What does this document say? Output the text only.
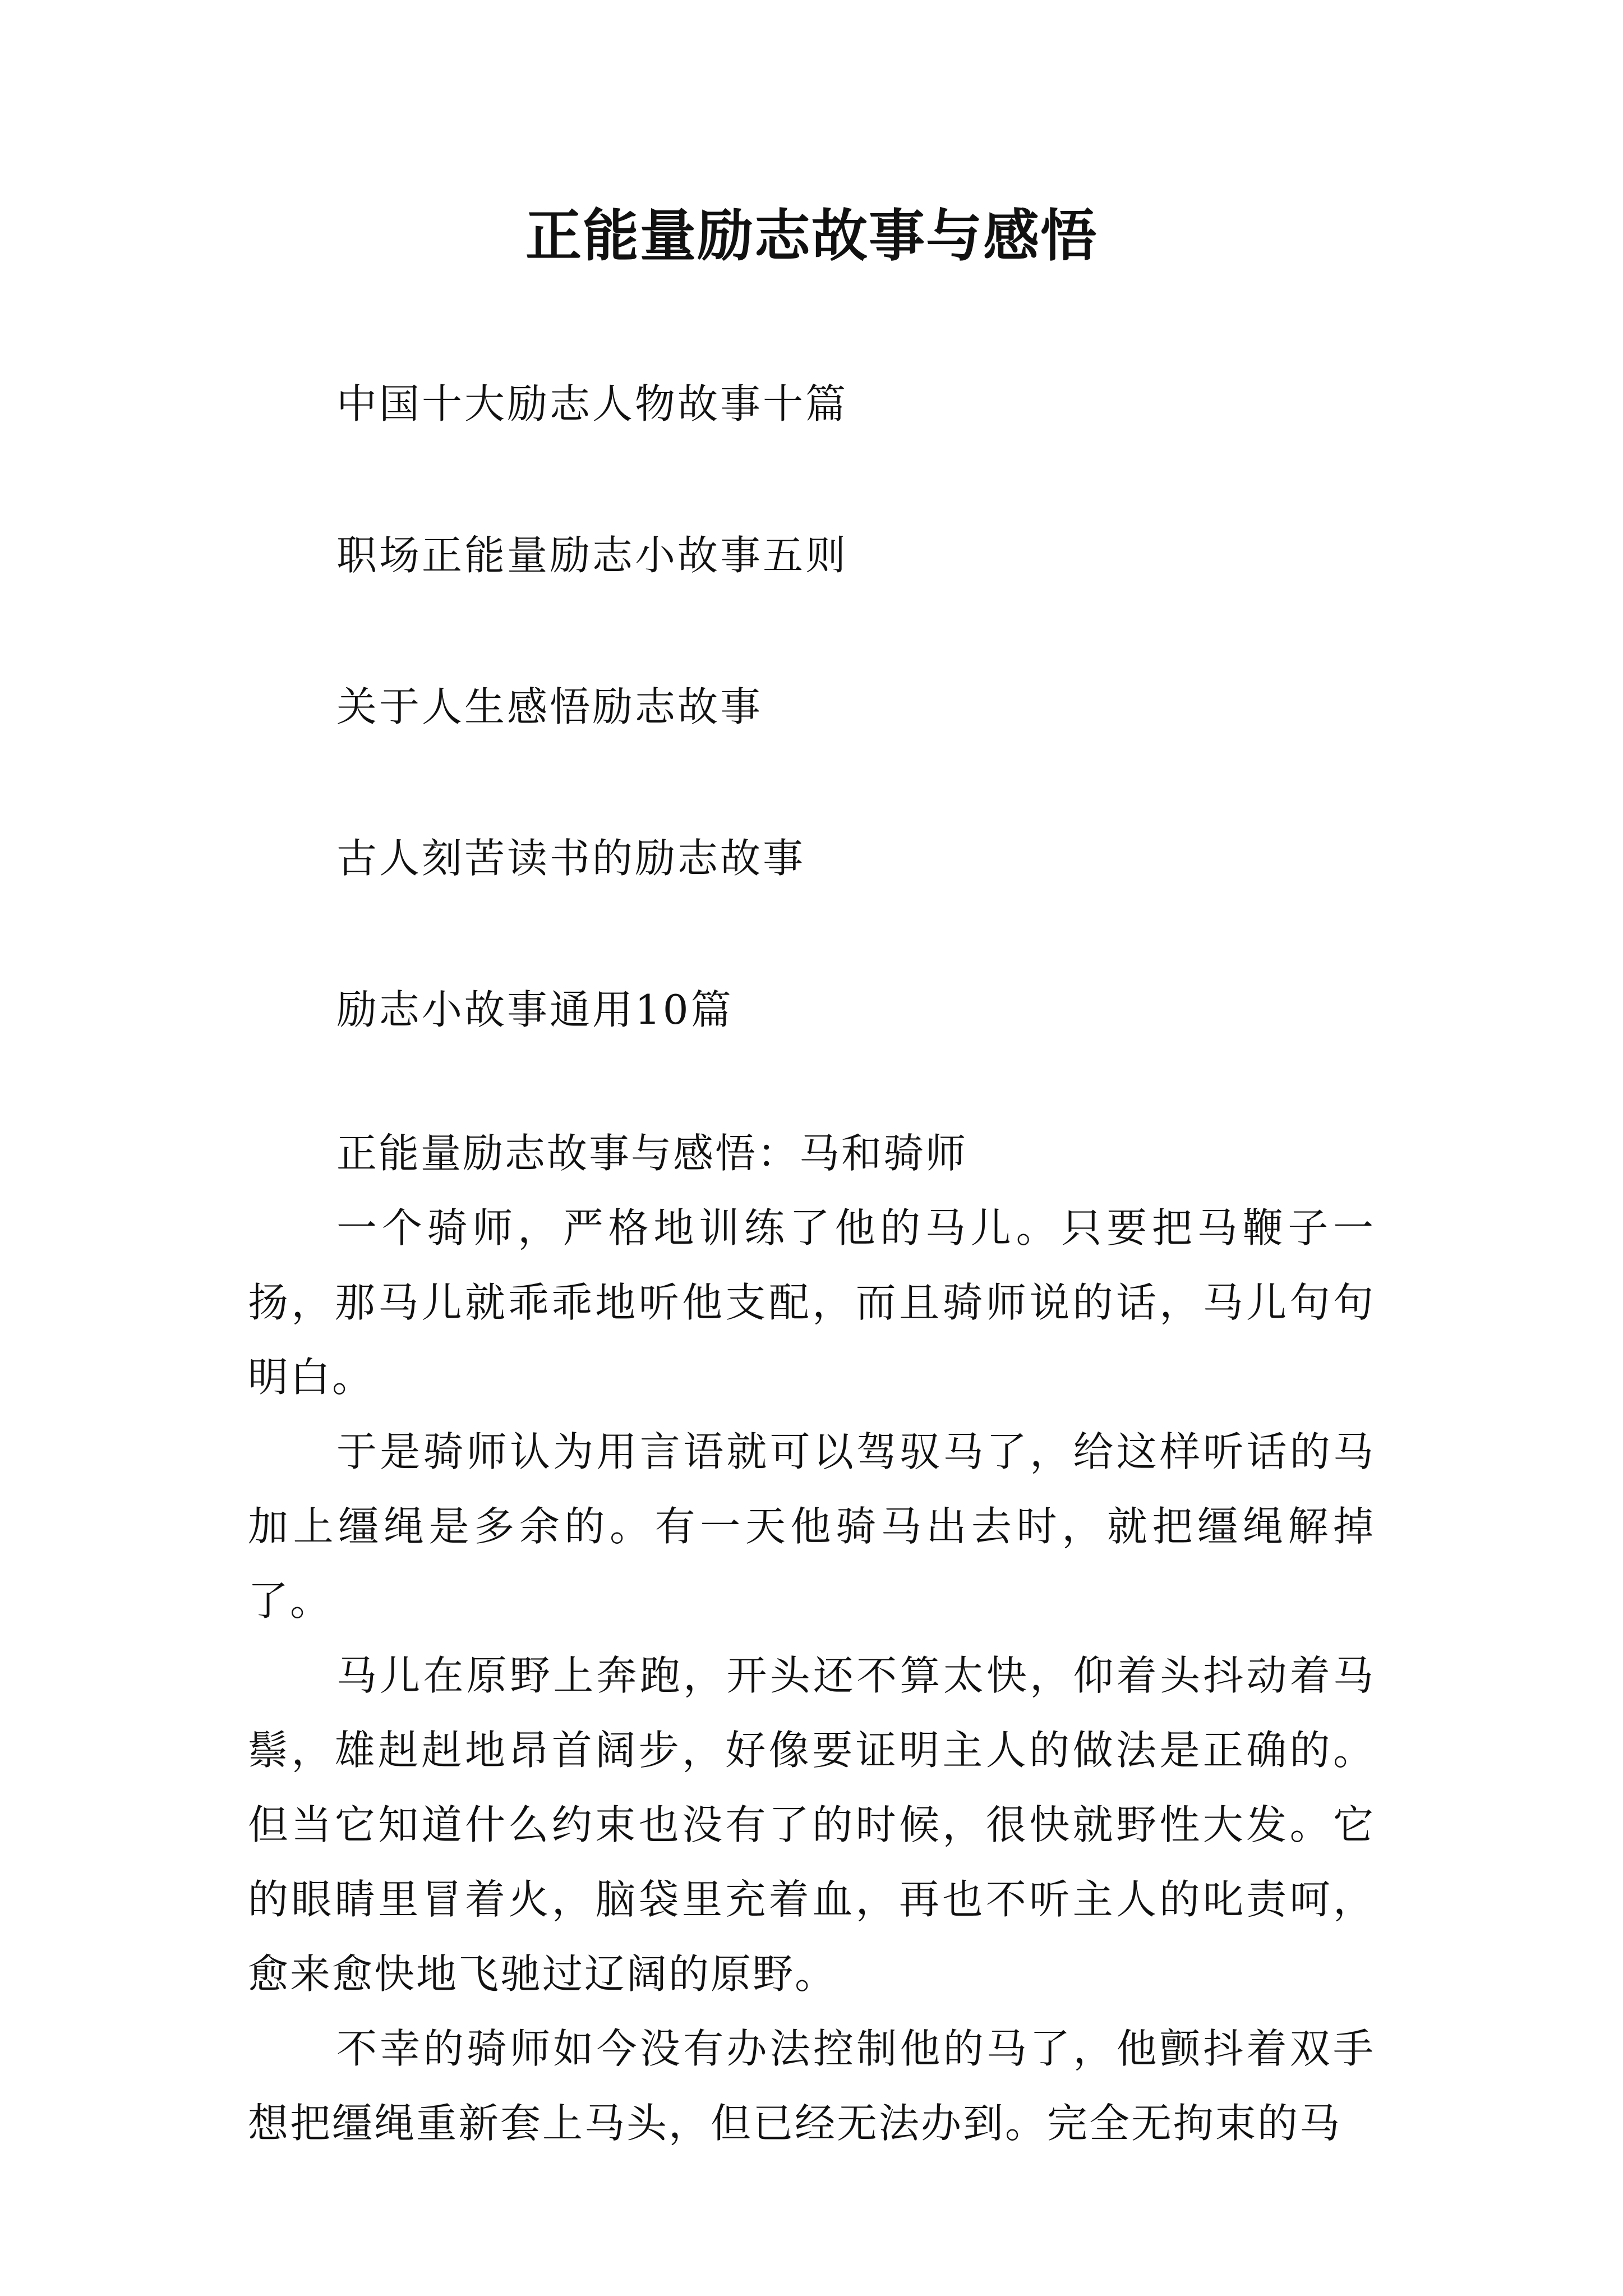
正能量励志故事与感悟
中国十大励志人物故事十篇
职场正能量励志小故事五则
关于人生感悟励志故事
古人刻苦读书的励志故事
励志小故事通用10篇

正能量励志故事与感悟：马和骑师

一个骑师，严格地训练了他的马儿。只要把马鞭子一扬，那马儿就乖乖地听他支配，而且骑师说的话，马儿句句明白。

于是骑师认为用言语就可以驾驭马了，给这样听话的马加上缰绳是多余的。有一天他骑马出去时，就把缰绳解掉了。

马儿在原野上奔跑，开头还不算太快，仰着头抖动着马鬃，雄赳赳地昂首阔步，好像要证明主人的做法是正确的。但当它知道什么约束也没有了的时候，很快就野性大发。它的眼睛里冒着火，脑袋里充着血，再也不听主人的叱责呵，愈来愈快地飞驰过辽阔的原野。

不幸的骑师如今没有办法控制他的马了，他颤抖着双手想把缰绳重新套上马头，但已经无法办到。完全无拘束的马
